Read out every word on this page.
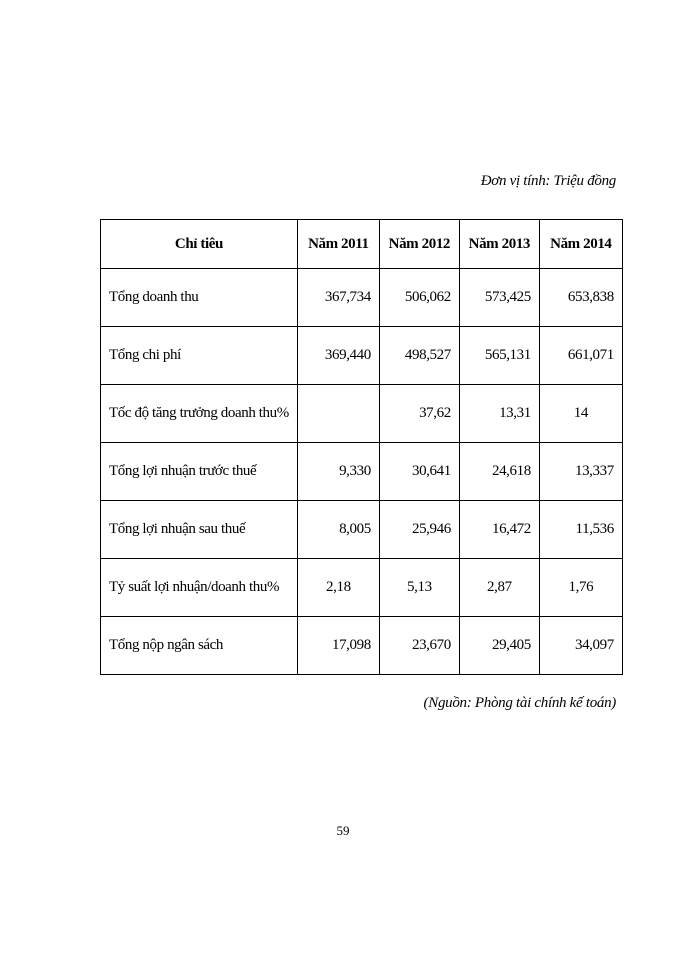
Đơn vị tính: Triệu đồng
Chỉ tiêu	Năm 2011	Năm 2012	Năm 2013	Năm 2014
Tổng doanh thu	367,734	506,062	573,425	653,838
Tổng chi phí	369,440	498,527	565,131	661,071
Tốc độ tăng trưởng doanh thu%		37,62	13,31	14
Tổng lợi nhuận trước thuế	9,330	30,641	24,618	13,337
Tổng lợi nhuận sau thuế	8,005	25,946	16,472	11,536
Tỷ suất lợi nhuận/doanh thu%	2,18	5,13	2,87	1,76
Tổng nộp ngân sách	17,098	23,670	29,405	34,097
(Nguồn: Phòng tài chính kế toán)
59
